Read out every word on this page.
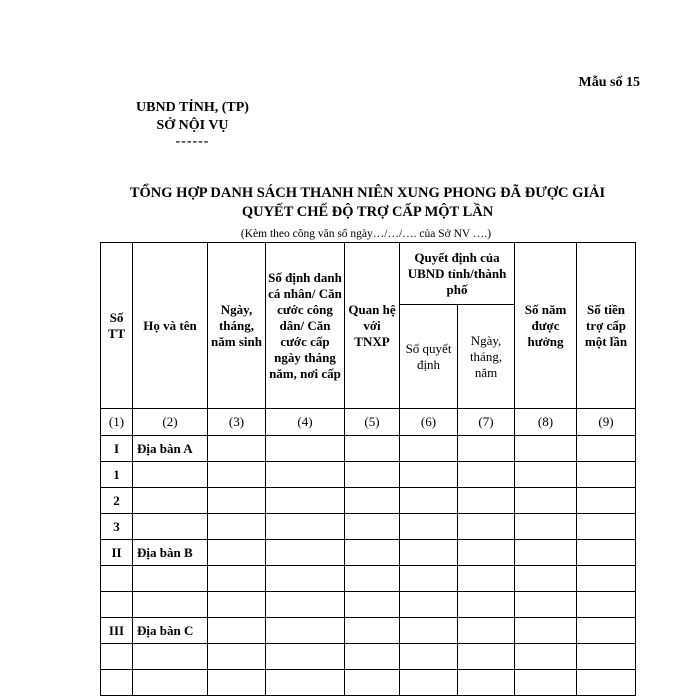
Mẫu số 15
UBND TỈNH, (TP)
SỞ NỘI VỤ
------
TỔNG HỢP DANH SÁCH THANH NIÊN XUNG PHONG ĐÃ ĐƯỢC GIẢI
QUYẾT CHẾ ĐỘ TRỢ CẤP MỘT LẦN
(Kèm theo công văn số ngày…/…/…. của Sở NV ….)
Số TT	Họ và tên	Ngày, tháng, năm sinh	Số định danh cá nhân/ Căn cước công dân/ Căn cước cấp ngày tháng năm, nơi cấp	Quan hệ với TNXP	Quyết định của UBND tỉnh/thành phố		Số năm được hưởng	Số tiền trợ cấp một lần
					Số quyết định	Ngày, tháng, năm		
(1)	(2)	(3)	(4)	(5)	(6)	(7)	(8)	(9)
I	Địa bàn A							
1								
2								
3								
II	Địa bàn B							

III	Địa bàn C							
